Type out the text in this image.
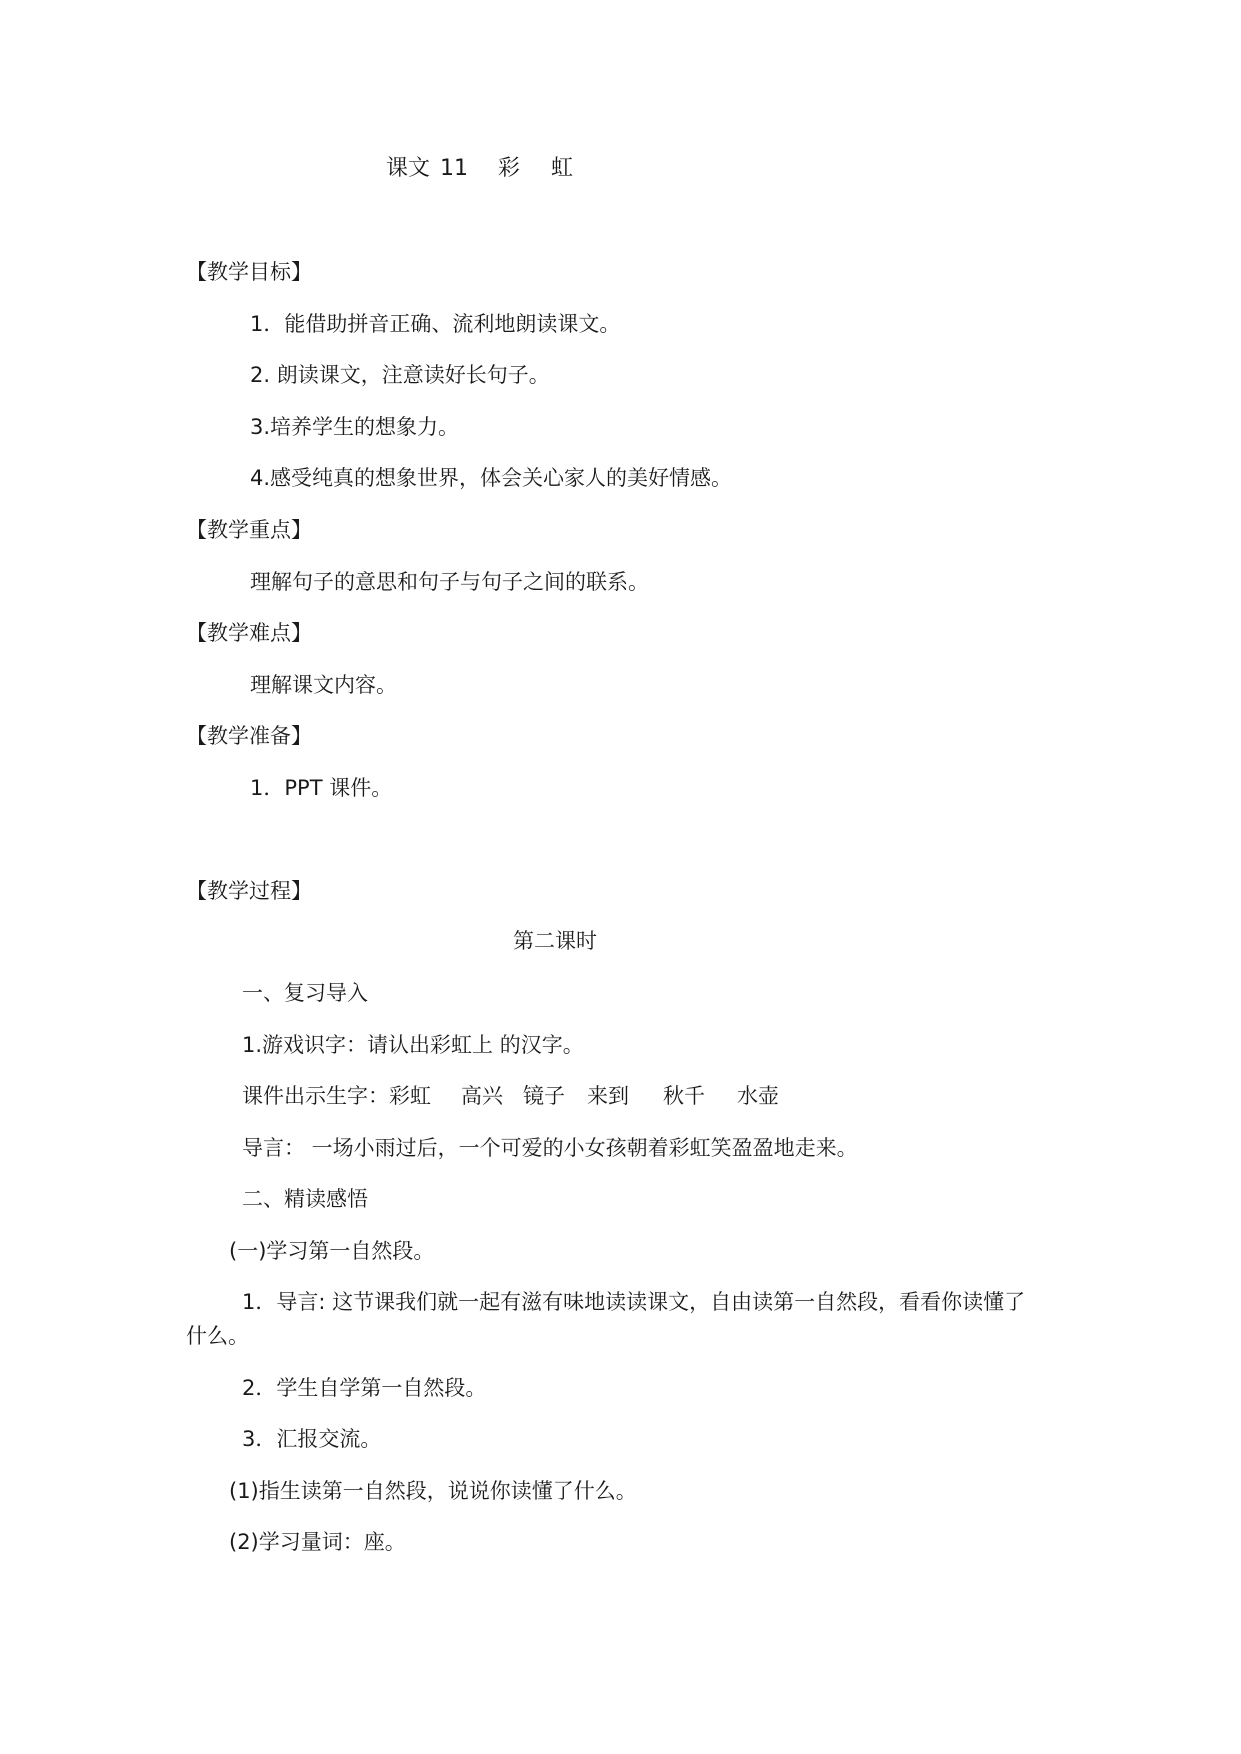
课文 11 彩 虹
【教学目标】
1．能借助拼音正确、流利地朗读课文。
2. 朗读课文，注意读好长句子。
3.培养学生的想象力。
4.感受纯真的想象世界，体会关心家人的美好情感。
【教学重点】
理解句子的意思和句子与句子之间的联系。
【教学难点】
理解课文内容。
【教学准备】
1．PPT 课件。
【教学过程】
第二课时
一、复习导入
1.游戏识字：请认出彩虹上 的汉字。
课件出示生字：彩虹 高兴 镜子 来到 秋千 水壶
导言： 一场小雨过后，一个可爱的小女孩朝着彩虹笑盈盈地走来。
二、精读感悟
(一)学习第一自然段。
1．导言: 这节课我们就一起有滋有味地读读课文，自由读第一自然段，看看你读懂了
什么。
2．学生自学第一自然段。
3．汇报交流。
(1)指生读第一自然段，说说你读懂了什么。
(2)学习量词：座。
